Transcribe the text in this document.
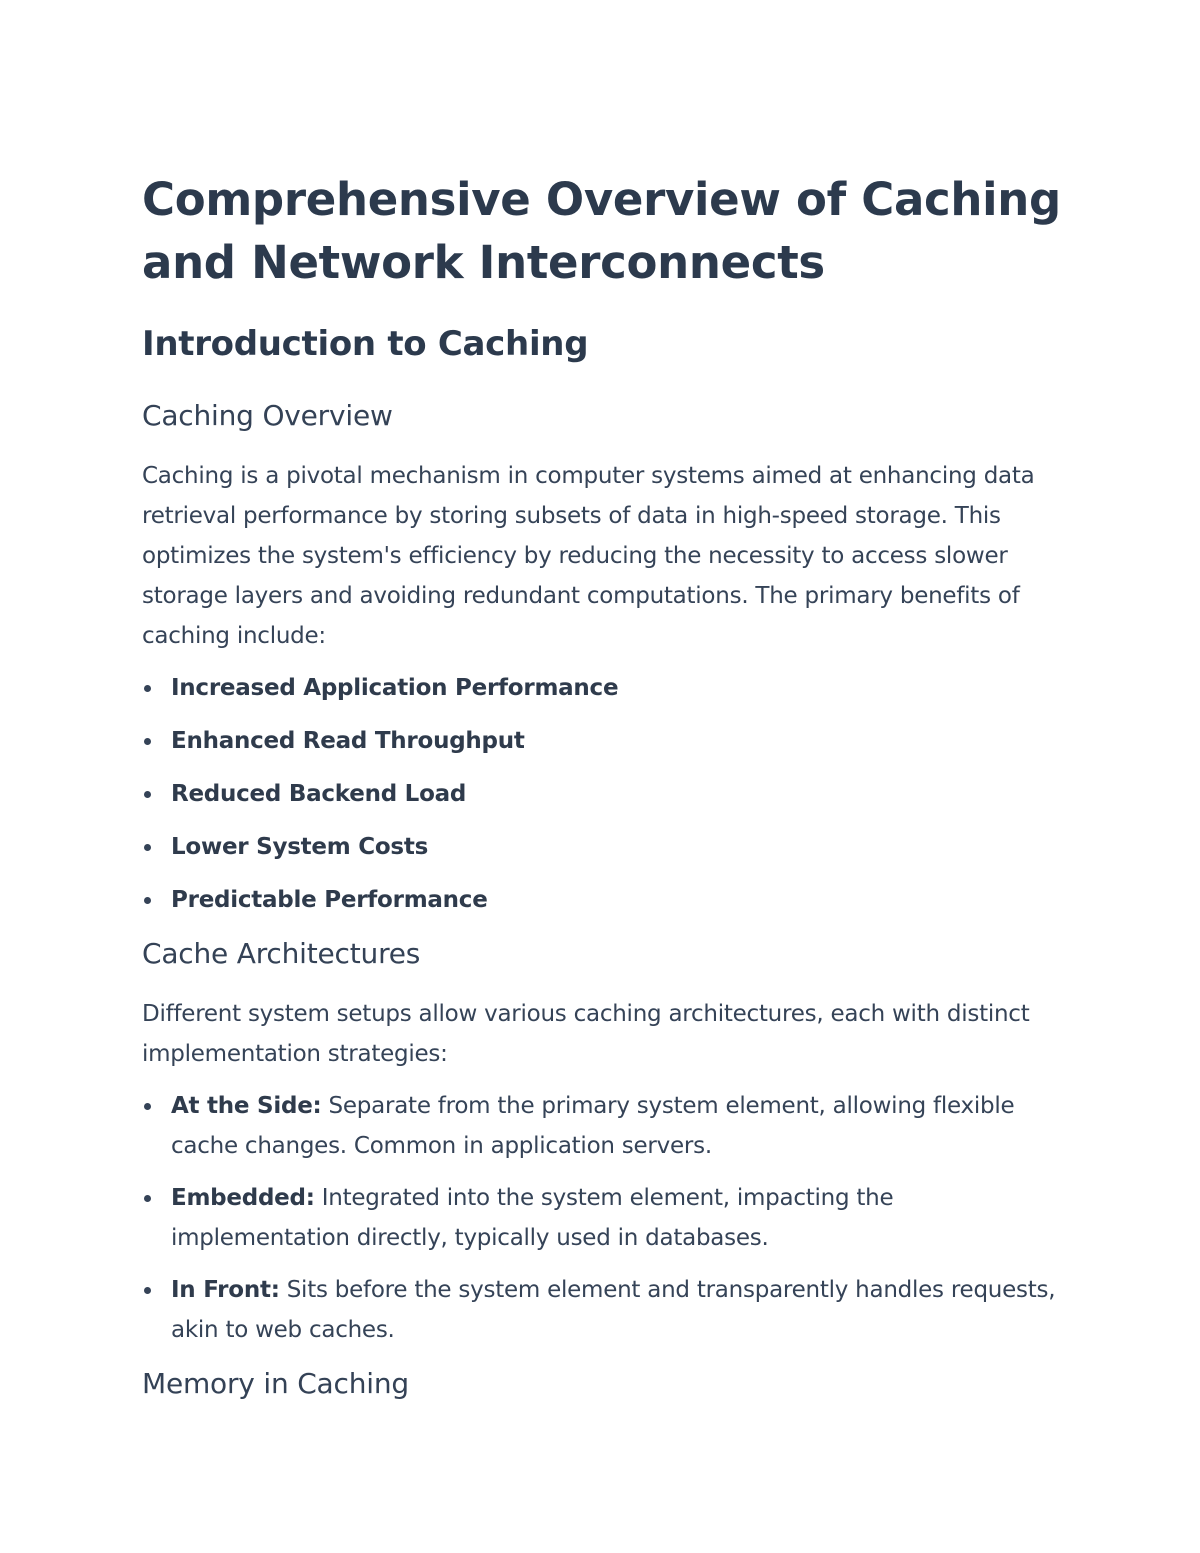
Comprehensive Overview of Caching and Network Interconnects
Introduction to Caching
Caching Overview

Caching is a pivotal mechanism in computer systems aimed at enhancing data retrieval performance by storing subsets of data in high-speed storage. This optimizes the system's efficiency by reducing the necessity to access slower storage layers and avoiding redundant computations. The primary benefits of caching include:

Increased Application Performance
Enhanced Read Throughput
Reduced Backend Load
Lower System Costs
Predictable Performance
Cache Architectures

Different system setups allow various caching architectures, each with distinct implementation strategies:

At the Side: Separate from the primary system element, allowing flexible cache changes. Common in application servers.
Embedded: Integrated into the system element, impacting the implementation directly, typically used in databases.
In Front: Sits before the system element and transparently handles requests, akin to web caches.
Memory in Caching
